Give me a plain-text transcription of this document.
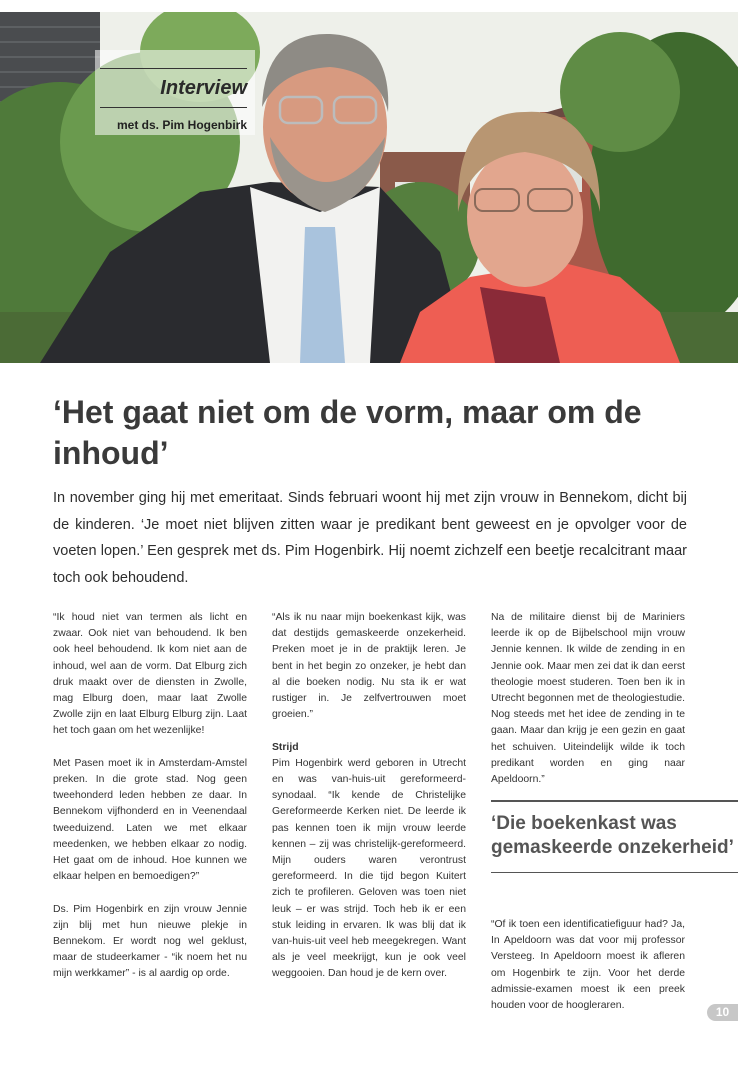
Interview
met ds. Pim Hogenbirk
‘Het gaat niet om de vorm, maar om de inhoud’

In november ging hij met emeritaat. Sinds februari woont hij met zijn vrouw in Bennekom, dicht bij de kinderen. ‘Je moet niet blijven zitten waar je predikant bent geweest en je opvolger voor de voeten lopen.’ Een gesprek met ds. Pim Hogenbirk. Hij noemt zichzelf een beetje recalcitrant maar toch ook behoudend.

“Ik houd niet van termen als licht en zwaar. Ook niet van behoudend. Ik ben ook heel behoudend. Ik kom niet aan de inhoud, wel aan de vorm. Dat Elburg zich druk maakt over de diensten in Zwolle, mag Elburg doen, maar laat Zwolle Zwolle zijn en laat Elburg Elburg zijn. Laat het toch gaan om het wezenlijke!

Met Pasen moet ik in Amsterdam-Amstel preken. In die grote stad. Nog geen tweehonderd leden hebben ze daar. In Bennekom vijfhonderd en in Veenendaal tweeduizend. Laten we met elkaar meedenken, we hebben elkaar zo nodig. Het gaat om de inhoud. Hoe kunnen we elkaar helpen en bemoedigen?”

Ds. Pim Hogenbirk en zijn vrouw Jennie zijn blij met hun nieuwe plekje in Bennekom. Er wordt nog wel geklust, maar de studeerkamer - “ik noem het nu mijn werkkamer” - is al aardig op orde.

“Als ik nu naar mijn boekenkast kijk, was dat destijds gemaskeerde onzekerheid. Preken moet je in de praktijk leren. Je bent in het begin zo onzeker, je hebt dan al die boeken nodig. Nu sta ik er wat rustiger in. Je zelfvertrouwen moet groeien.”

Strijd

Pim Hogenbirk werd geboren in Utrecht en was van-huis-uit gereformeerd-synodaal. “Ik kende de Christelijke Gereformeerde Kerken niet. De leerde ik pas kennen toen ik mijn vrouw leerde kennen – zij was christelijk-gereformeerd. Mijn ouders waren verontrust gereformeerd. In die tijd begon Kuitert zich te profileren. Geloven was toen niet leuk – er was strijd. Toch heb ik er een stuk leiding in ervaren. Ik was blij dat ik van-huis-uit veel heb meegekregen. Want als je veel meekrijgt, kun je ook veel weggooien. Dan houd je de kern over.

Na de militaire dienst bij de Mariniers leerde ik op de Bijbelschool mijn vrouw Jennie kennen. Ik wilde de zending in en Jennie ook. Maar men zei dat ik dan eerst theologie moest studeren. Toen ben ik in Utrecht begonnen met de theologiestudie. Nog steeds met het idee de zending in te gaan. Maar dan krijg je een gezin en gaat het schuiven. Uiteindelijk wilde ik toch predikant worden en ging naar Apeldoorn.”

‘Die boekenkast was gemaskeerde onzekerheid’

“Of ik toen een identificatiefiguur had? Ja, In Apeldoorn was dat voor mij professor Versteeg. In Apeldoorn moest ik afleren om Hogenbirk te zijn. Voor het derde admissie-examen moest ik een preek houden voor de hoogleraren.	10
